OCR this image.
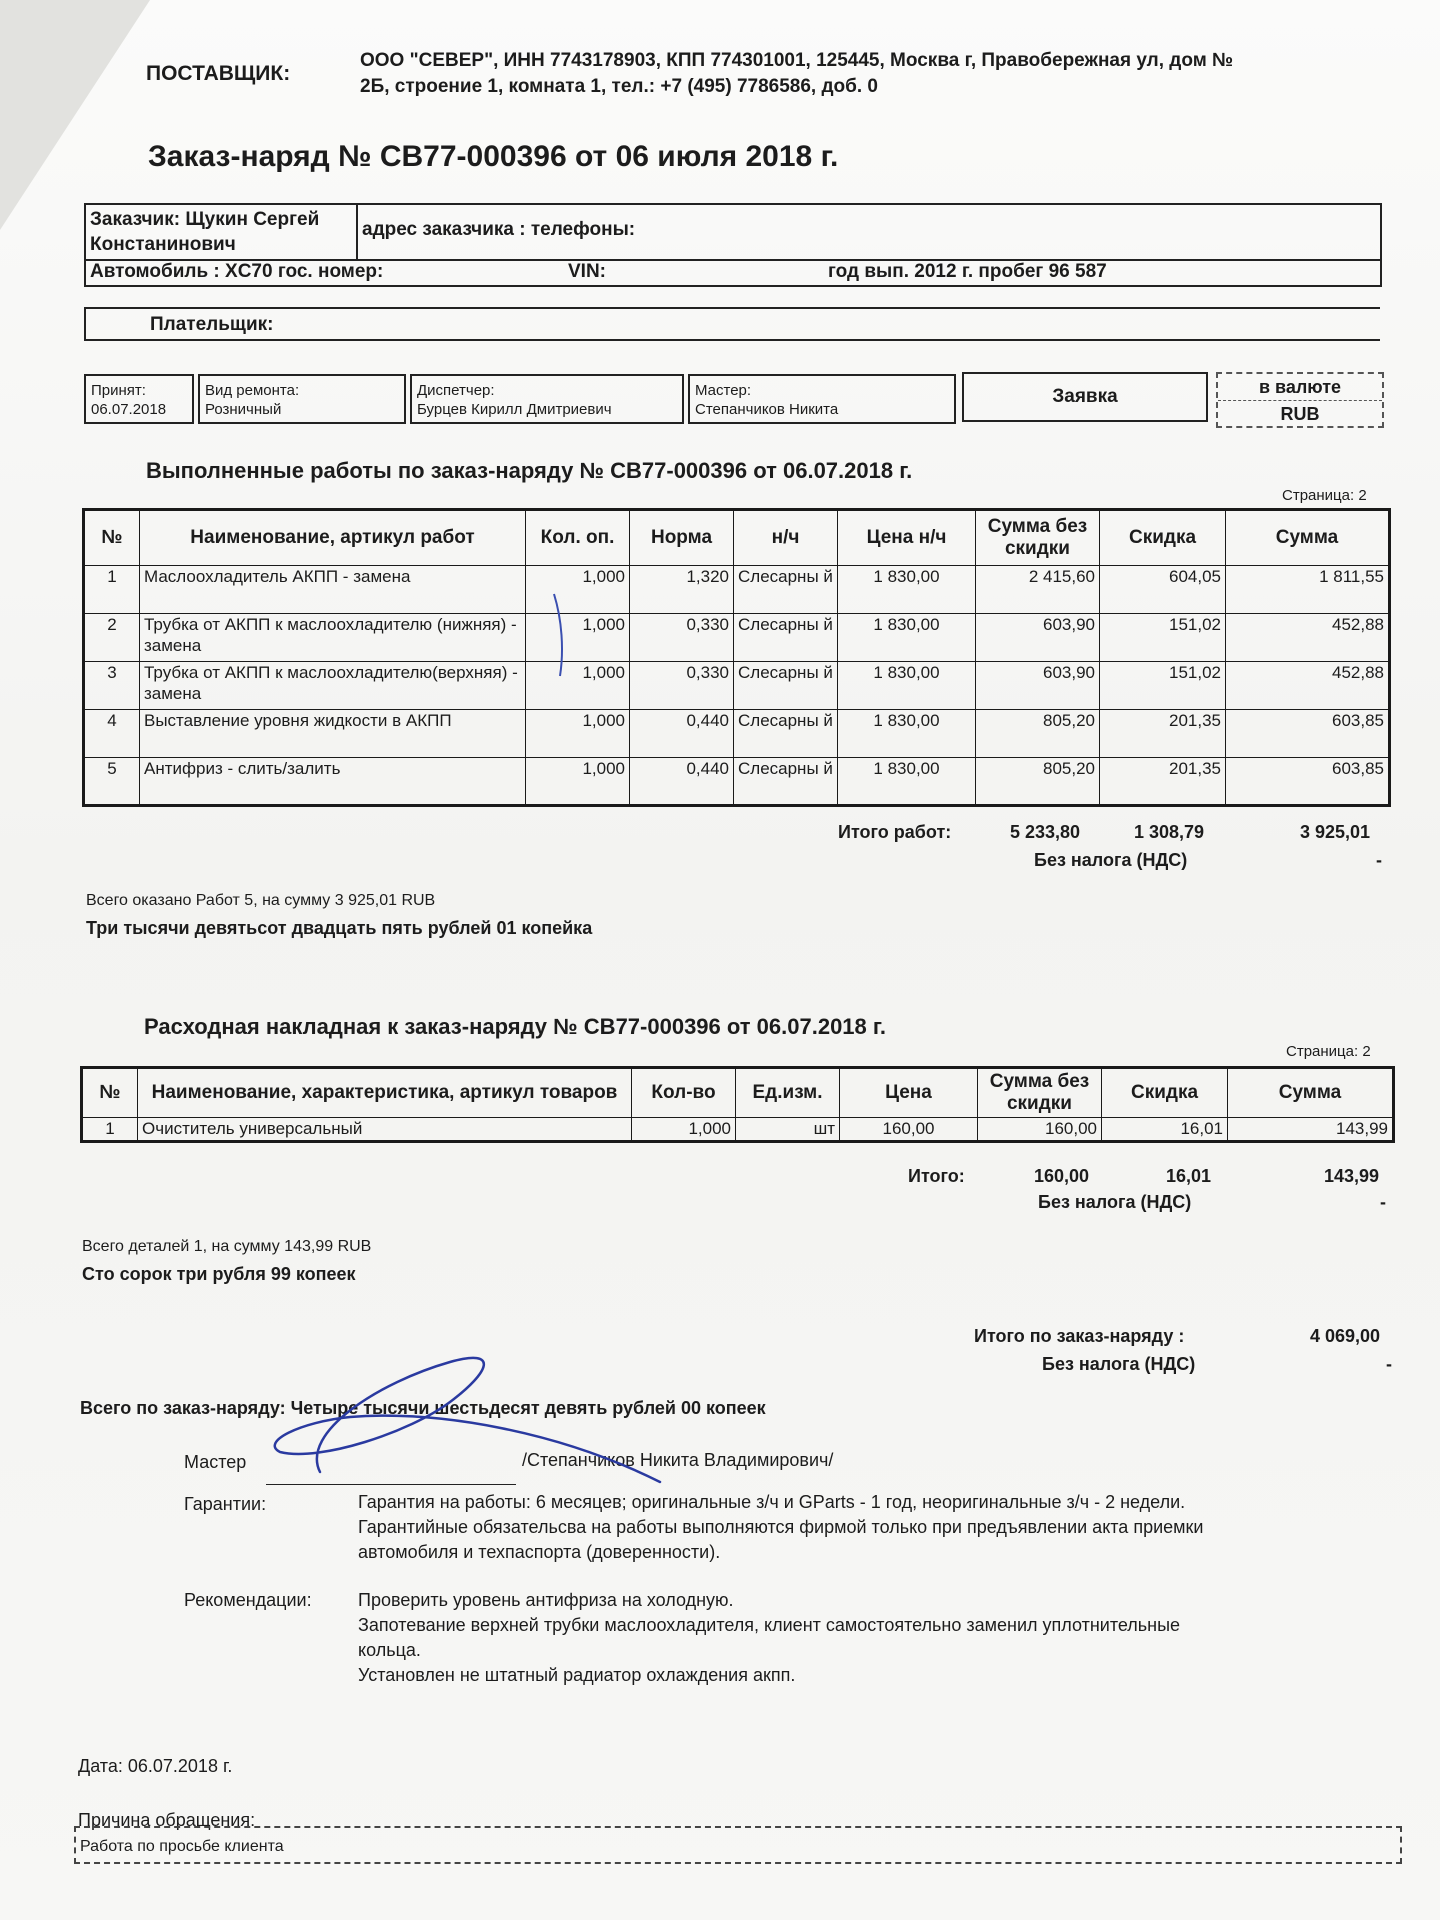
ПОСТАВЩИК:
ООО "СЕВЕР", ИНН 7743178903, КПП 774301001, 125445, Москва г, Правобережная ул, дом №
2Б, строение 1, комната 1, тел.: +7 (495) 7786586, доб. 0
Заказ-наряд № СВ77-000396 от 06 июля 2018 г.
Заказчик: Щукин Сергей
Констанинович
адрес заказчика : телефоны:
Автомобиль : XC70 гос. номер:	VIN:	год вып. 2012 г. пробег 96 587
Плательщик:
Принят:
06.07.2018
Вид ремонта:
Розничный
Диспетчер:
Бурцев Кирилл Дмитриевич
Мастер:
Степанчиков Никита
Заявка	в валюте
RUB
Выполненные работы по заказ-наряду № СВ77-000396 от 06.07.2018 г.
Страница: 2
№	Наименование, артикул работ	Кол. оп.	Норма	н/ч	Цена н/ч	Сумма без скидки	Скидка	Сумма
1	Маслоохладитель АКПП - замена	1,000	1,320	Слесарны й	1 830,00	2 415,60	604,05	1 811,55
2	Трубка от АКПП к маслоохладителю (нижняя) - замена	1,000	0,330	Слесарны й	1 830,00	603,90	151,02	452,88
3	Трубка от АКПП к маслоохладителю(верхняя) - замена	1,000	0,330	Слесарны й	1 830,00	603,90	151,02	452,88
4	Выставление уровня жидкости в АКПП	1,000	0,440	Слесарны й	1 830,00	805,20	201,35	603,85
5	Антифриз - слить/залить	1,000	0,440	Слесарны й	1 830,00	805,20	201,35	603,85
Итого работ:	5 233,80	1 308,79	3 925,01
Без налога (НДС)	-
Всего оказано Работ 5, на сумму 3 925,01 RUB
Три тысячи девятьсот двадцать пять рублей 01 копейка
Расходная накладная к заказ-наряду № СВ77-000396 от 06.07.2018 г.
Страница: 2
№	Наименование, характеристика, артикул товаров	Кол-во	Ед.изм.	Цена	Сумма без скидки	Скидка	Сумма
1	Очиститель универсальный	1,000	шт	160,00	160,00	16,01	143,99
Итого:	160,00	16,01	143,99
Без налога (НДС)	-
Всего деталей 1, на сумму 143,99 RUB
Сто сорок три рубля 99 копеек
Итого по заказ-наряду :	4 069,00
Без налога (НДС)	-
Всего по заказ-наряду: Четыре тысячи шестьдесят девять рублей 00 копеек
Мастер	/Степанчиков Никита Владимирович/
Гарантии:	Гарантия на работы: 6 месяцев; оригинальные з/ч и GParts - 1 год, неоригинальные з/ч - 2 недели.
Гарантийные обязательсва на работы выполняются фирмой только при предъявлении акта приемки
автомобиля и техпаспорта (доверенности).
Рекомендации:	Проверить уровень антифриза на холодную.
Запотевание верхней трубки маслоохладителя, клиент самостоятельно заменил уплотнительные
кольца.
Установлен не штатный радиатор охлаждения акпп.
Дата: 06.07.2018 г.
Причина обращения:
Работа по просьбе клиента
